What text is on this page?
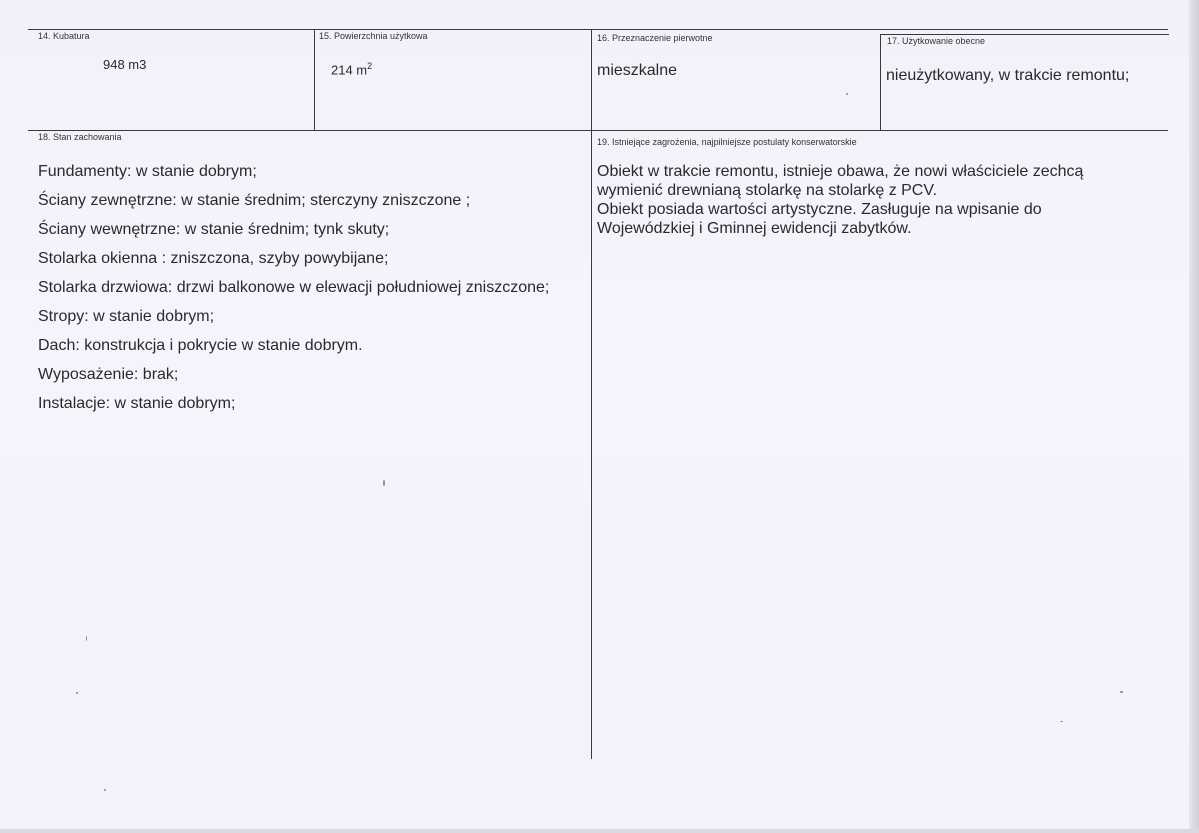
14. Kubatura
948 m3
15. Powierzchnia użytkowa
214 $m^2$
16. Przeznaczenie pierwotne
mieszkalne
17. Użytkowanie obecne
nieużytkowany, w trakcie remontu;
18. Stan zachowania
Fundamenty: w stanie dobrym;
Ściany zewnętrzne: w stanie średnim; sterczyny zniszczone ;
Ściany wewnętrzne: w stanie średnim; tynk skuty;
Stolarka okienna : zniszczona, szyby powybijane;
Stolarka drzwiowa: drzwi balkonowe w elewacji południowej zniszczone;
Stropy: w stanie dobrym;
Dach: konstrukcja i pokrycie w stanie dobrym.
Wyposażenie: brak;
Instalacje: w stanie dobrym;
19. Istniejące zagrożenia, najpilniejsze postulaty konserwatorskie

Obiekt w trakcie remontu, istnieje obawa, że nowi właściciele zechcą

wymienić drewnianą stolarkę na stolarkę z PCV.

Obiekt posiada wartości artystyczne. Zasługuje na wpisanie do

Wojewódzkiej i Gminnej ewidencji zabytków.
